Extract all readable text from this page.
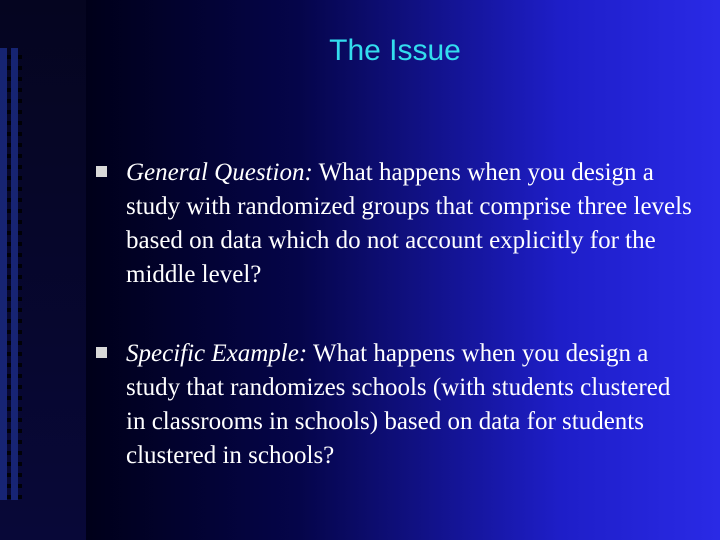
The Issue
General Question: What happens when you design a study with randomized groups that comprise three levels based on data which do not account explicitly for the middle level?
Specific Example: What happens when you design a study that randomizes schools (with students clustered in classrooms in schools) based on data for students clustered in schools?
